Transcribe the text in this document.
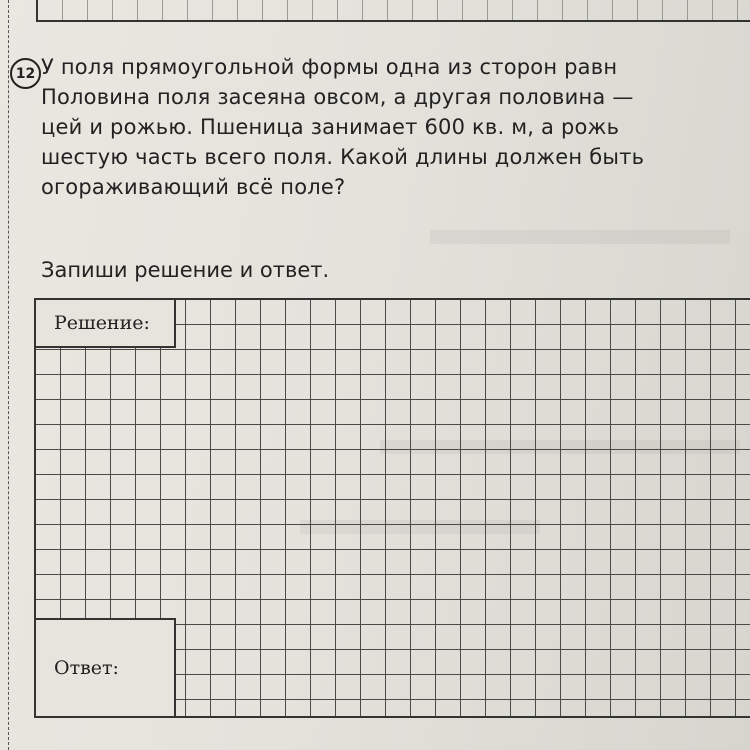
12 У поля прямоугольной формы одна из сторон равн
Половина поля засеяна овсом, а другая половина —
цей и рожью. Пшеница занимает 600 кв. м, а рожь
шестую часть всего поля. Какой длины должен быть
огораживающий всё поле?
Запиши решение и ответ.
Решение:
Ответ:
